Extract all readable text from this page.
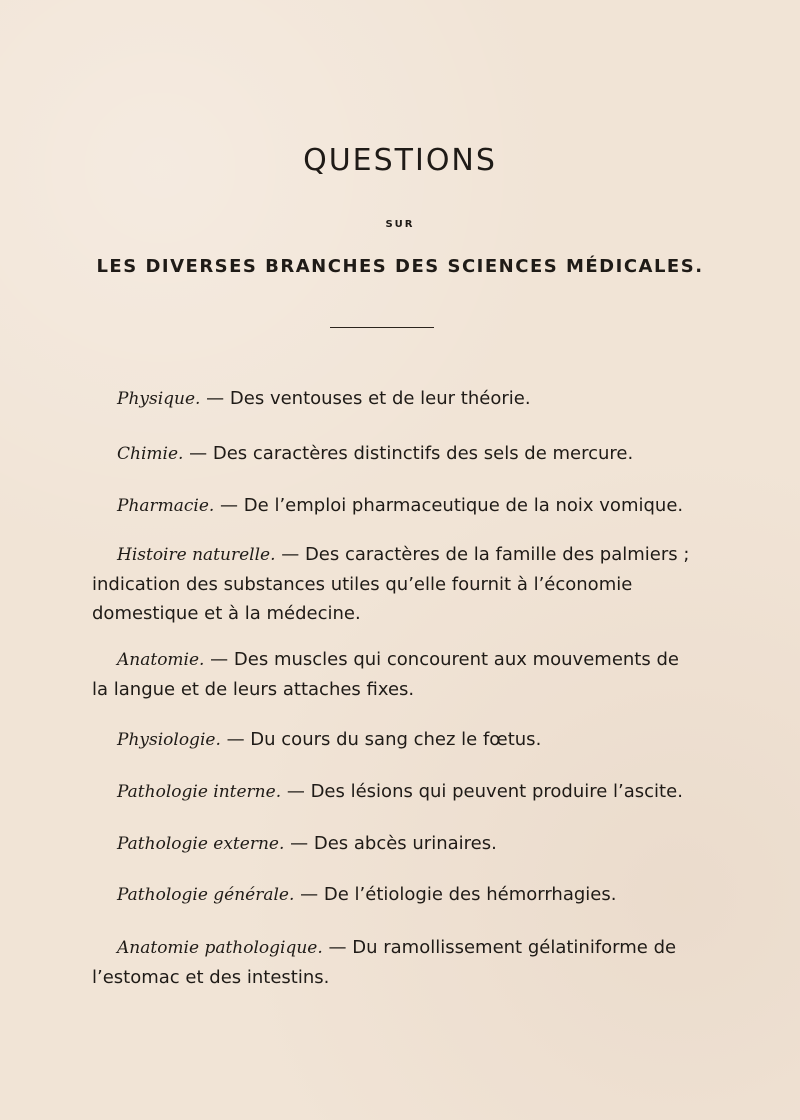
QUESTIONS
SUR
LES DIVERSES BRANCHES DES SCIENCES MÉDICALES.

Physique. — Des ventouses et de leur théorie.

Chimie. — Des caractères distinctifs des sels de mercure.

Pharmacie. — De l’emploi pharmaceutique de la noix vomique.

Histoire naturelle. — Des caractères de la famille des palmiers ; indication des substances utiles qu’elle fournit à l’économie domestique et à la médecine.

Anatomie. — Des muscles qui concourent aux mouvements de la langue et de leurs attaches fixes.

Physiologie. — Du cours du sang chez le fœtus.

Pathologie interne. — Des lésions qui peuvent produire l’ascite.

Pathologie externe. — Des abcès urinaires.

Pathologie générale. — De l’étiologie des hémorrhagies.

Anatomie pathologique. — Du ramollissement gélatiniforme de l’estomac et des intestins.
